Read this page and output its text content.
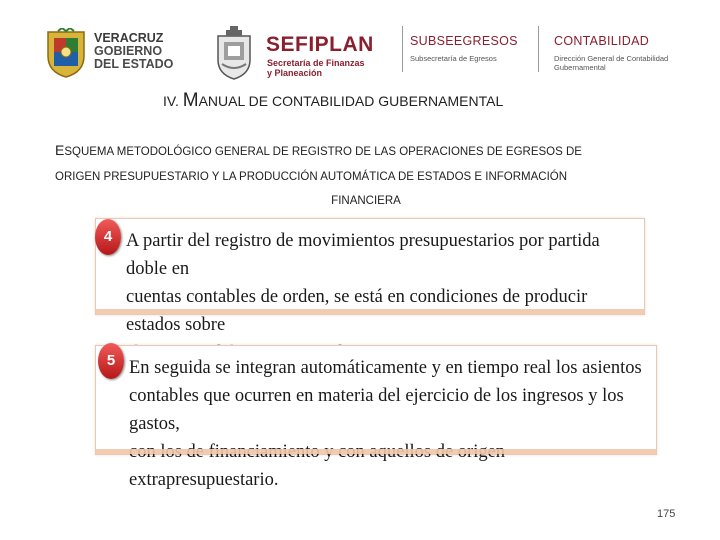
VERACRUZ
GOBIERNO
DEL ESTADO
SEFIPLAN
Secretaría de Finanzas
y Planeación
SUBSEEGRESOS
Subsecretaría de Egresos
CONTABILIDAD
Dirección General de Contabilidad
Gubernamental
IV. MANUAL DE CONTABILIDAD GUBERNAMENTAL
ESQUEMA METODOLÓGICO GENERAL DE REGISTRO DE LAS OPERACIONES DE EGRESOS DE
ORIGEN PRESUPUESTARIO Y LA PRODUCCIÓN AUTOMÁTICA DE ESTADOS E INFORMACIÓN
FINANCIERA
A partir del registro de movimientos presupuestarios por partida doble en
cuentas contables de orden, se está en condiciones de producir estados sobre
4
En seguida se integran automáticamente y en tiempo real los asientos
contables que ocurren en materia del ejercicio de los ingresos y los gastos,
extrapresupuestario.
5
175
